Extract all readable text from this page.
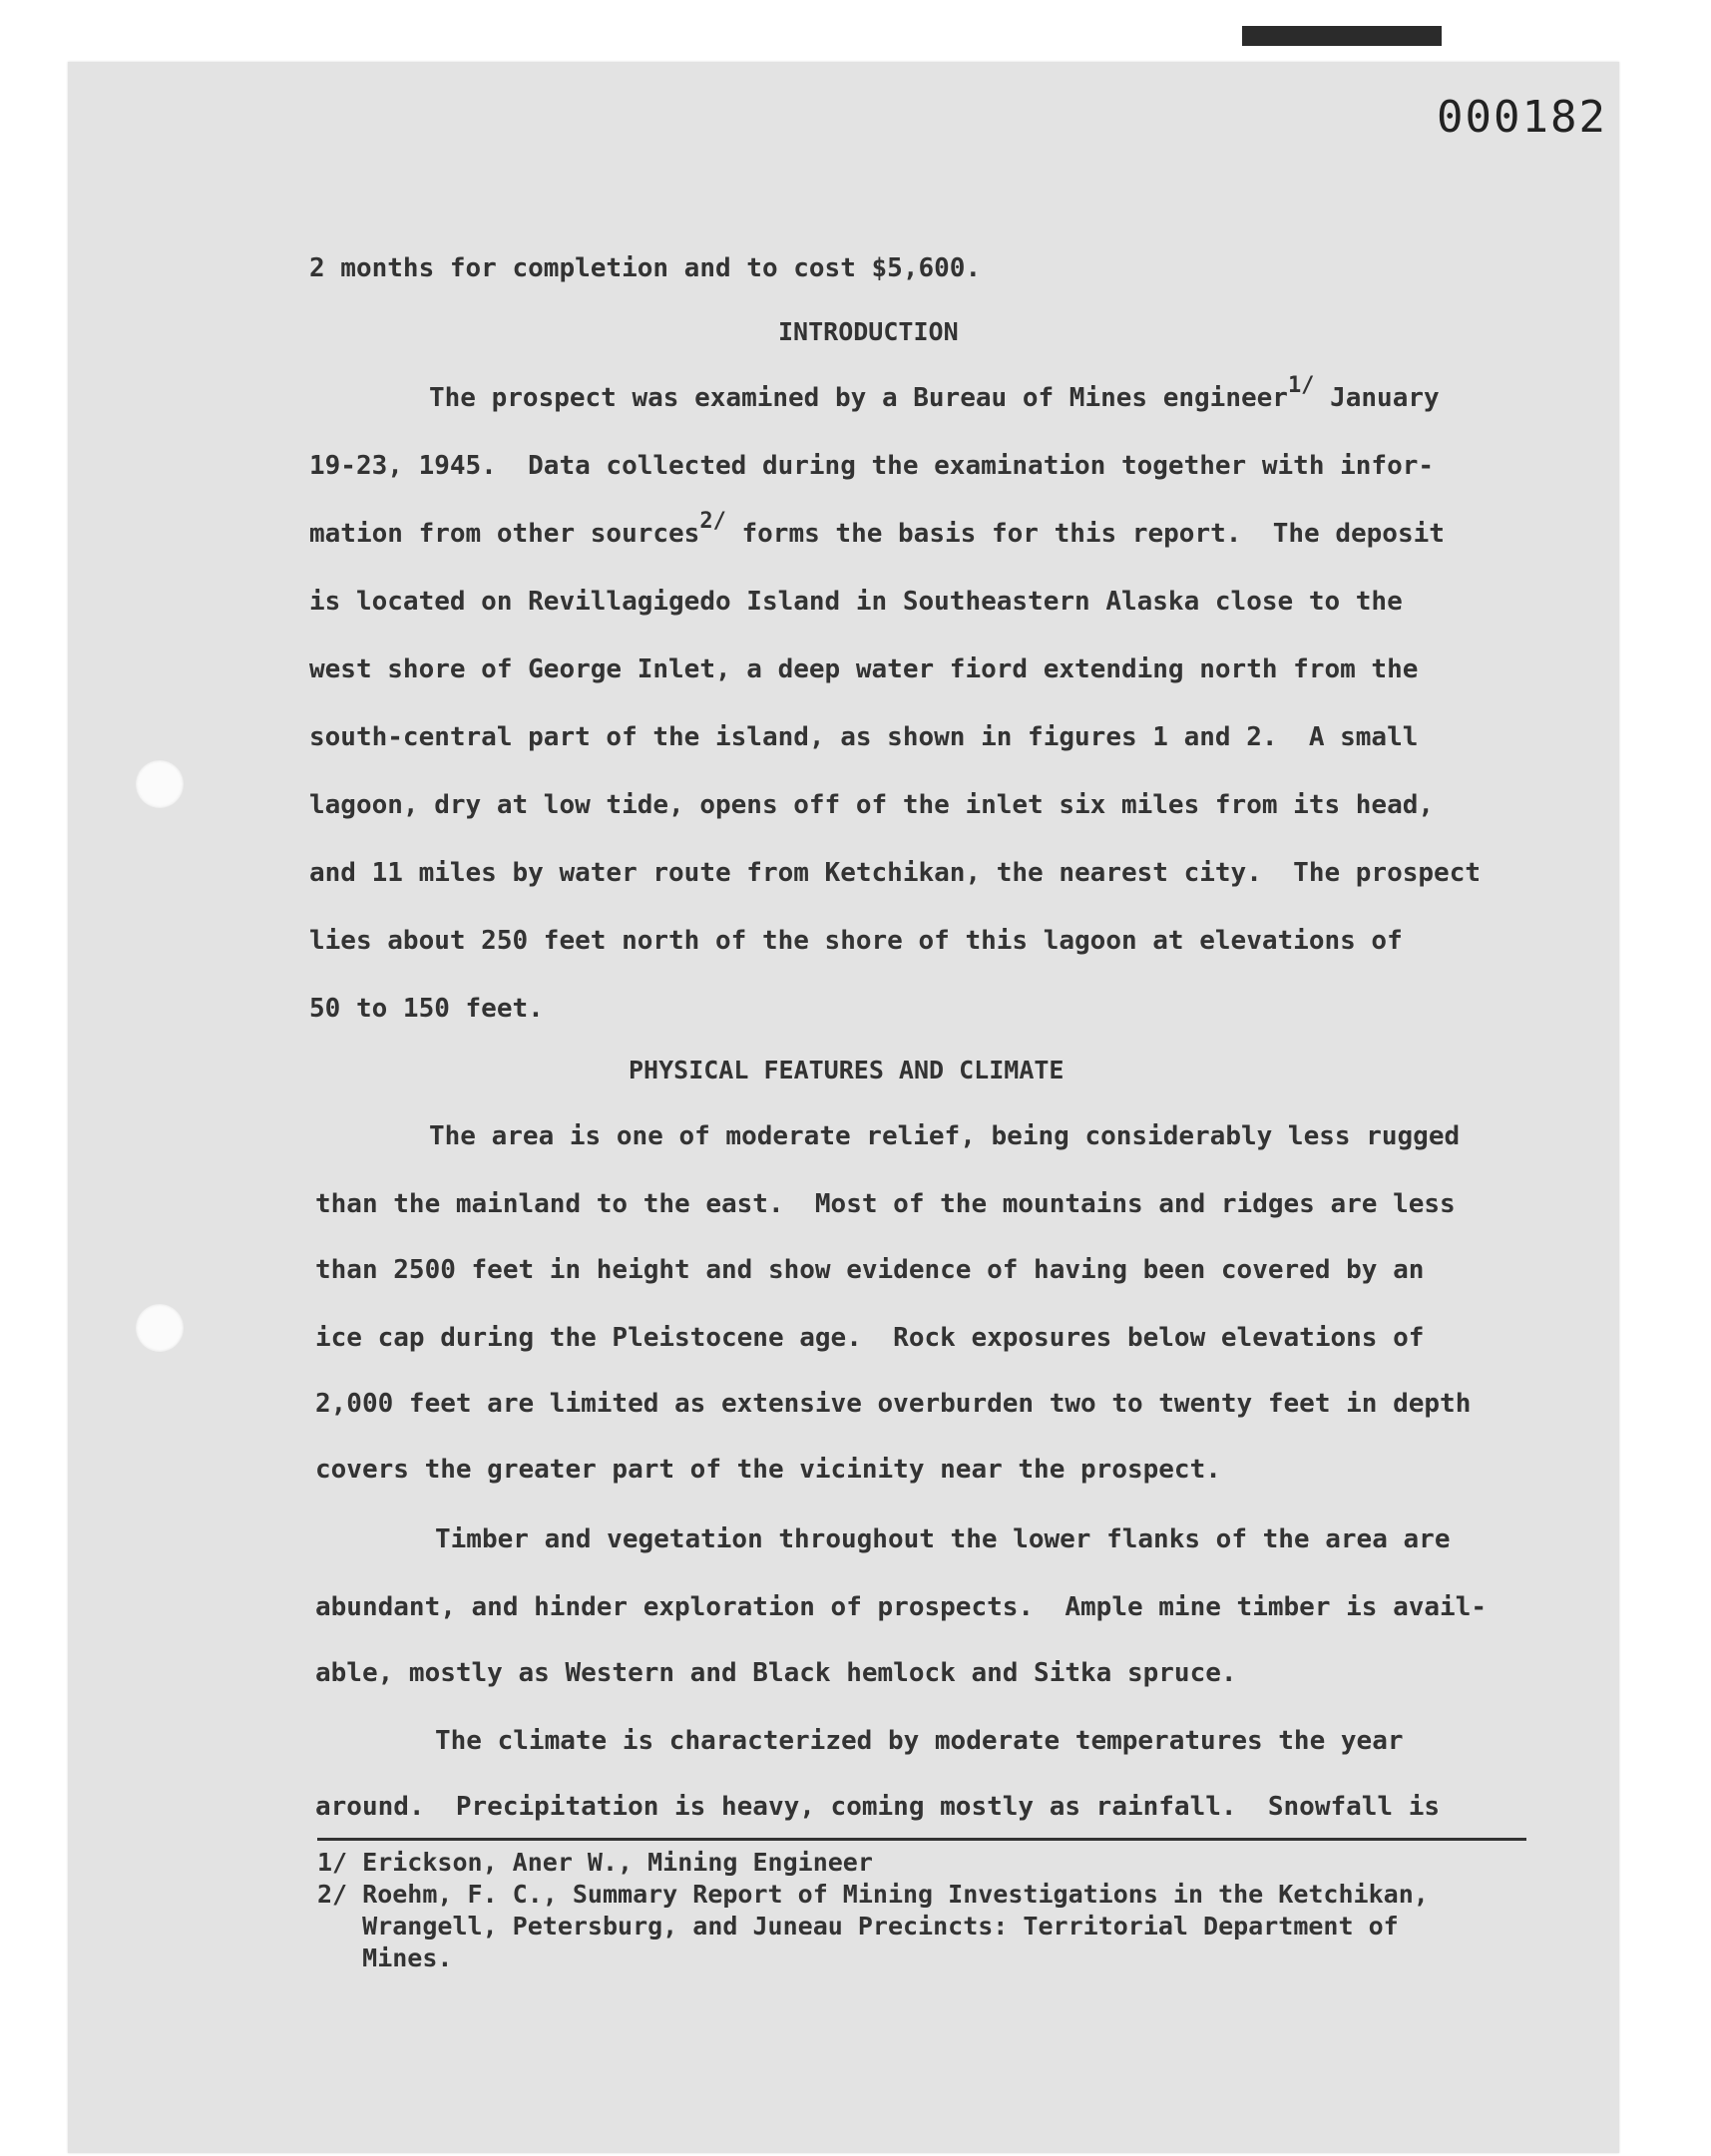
000182

2 months for completion and to cost $5,600.

INTRODUCTION

The prospect was examined by a Bureau of Mines engineer$^{1/}$ January

19-23, 1945.  Data collected during the examination together with infor-

mation from other sources$^{2/}$ forms the basis for this report.  The deposit

is located on Revillagigedo Island in Southeastern Alaska close to the

west shore of George Inlet, a deep water fiord extending north from the

south-central part of the island, as shown in figures 1 and 2.  A small

lagoon, dry at low tide, opens off of the inlet six miles from its head,

and 11 miles by water route from Ketchikan, the nearest city.  The prospect

lies about 250 feet north of the shore of this lagoon at elevations of

50 to 150 feet.

PHYSICAL FEATURES AND CLIMATE

The area is one of moderate relief, being considerably less rugged

than the mainland to the east.  Most of the mountains and ridges are less

than 2500 feet in height and show evidence of having been covered by an

ice cap during the Pleistocene age.  Rock exposures below elevations of

2,000 feet are limited as extensive overburden two to twenty feet in depth

covers the greater part of the vicinity near the prospect.

Timber and vegetation throughout the lower flanks of the area are

abundant, and hinder exploration of prospects.  Ample mine timber is avail-

able, mostly as Western and Black hemlock and Sitka spruce.

The climate is characterized by moderate temperatures the year

around.  Precipitation is heavy, coming mostly as rainfall.  Snowfall is

1/ Erickson, Aner W., Mining Engineer

2/ Roehm, F. C., Summary Report of Mining Investigations in the Ketchikan,

Wrangell, Petersburg, and Juneau Precincts: Territorial Department of

Mines.
